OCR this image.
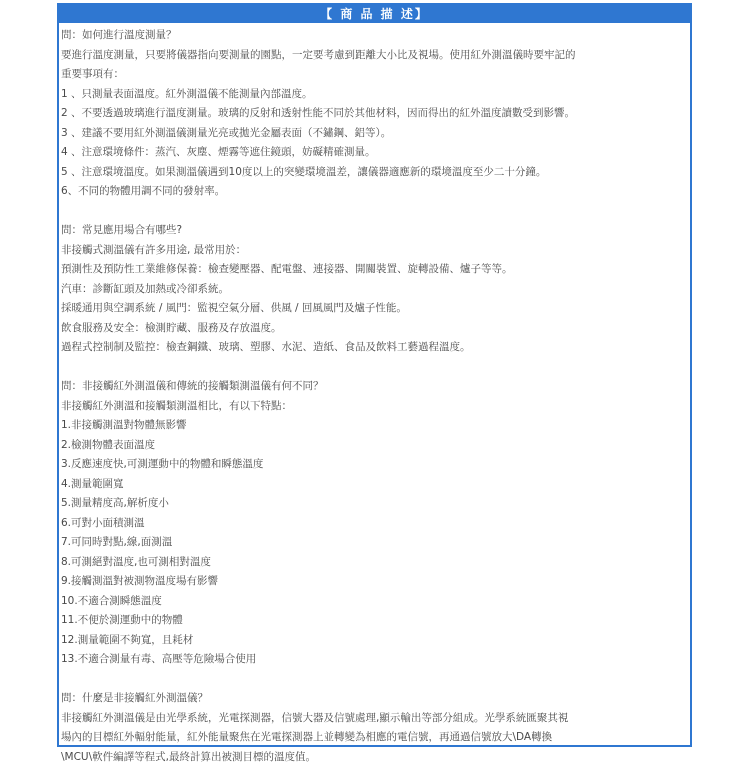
【 商 品 描 述】
問：如何進行溫度測量？
要進行溫度測量，只要將儀器指向要測量的園點，一定要考慮到距離大小比及視場。使用紅外測溫儀時要牢記的
重要事項有：
1 、只測量表面溫度。紅外測溫儀不能測量內部溫度。
2 、不要透過玻璃進行溫度測量。玻璃的反射和透射性能不同於其他材料，因而得出的紅外溫度讀數受到影響。
3 、建議不要用紅外測溫儀測量光亮或拋光金屬表面（不鏽鋼、鋁等）。
4 、注意環境條件：蒸汽、灰塵、煙霧等遮住鏡頭，妨礙精確測量。
5 、注意環境溫度。如果測溫儀遇到10度以上的突變環境溫差，讓儀器適應新的環境溫度至少二十分鐘。
6、不同的物體用調不同的發射率。
問：常見應用場合有哪些?
非接觸式測溫儀有許多用途, 最常用於：
預測性及預防性工業維修保養：檢查變壓器、配電盤、連接器、開關裝置、旋轉設備、爐子等等。
汽車：診斷缸頭及加熱或冷卻系統。
採暖通用與空調系統 / 風門：監視空氣分層、供風 / 回風風門及爐子性能。
飲食服務及安全：檢測貯藏、服務及存放溫度。
過程式控制制及監控：檢查鋼鐵、玻璃、塑膠、水泥、造紙、食品及飲料工藝過程溫度。
問：非接觸紅外測溫儀和傳統的接觸類測溫儀有何不同？
非接觸紅外測溫和接觸類測溫相比，有以下特點：
1.非接觸測溫對物體無影響
2.檢測物體表面溫度
3.反應速度快,可測運動中的物體和瞬態溫度
4.測量範圍寬
5.測量精度高,解析度小
6.可對小面積測溫
7.可同時對點,線,面測溫
8.可測絕對溫度,也可測相對溫度
9.接觸測溫對被測物溫度場有影響
10.不適合測瞬態溫度
11.不便於測運動中的物體
12.測量範圍不夠寬，且耗材
13.不適合測量有毒、高壓等危險場合使用
問：什麼是非接觸紅外測溫儀？
非接觸紅外測溫儀是由光學系統，光電探測器，信號大器及信號處理,顯示輸出等部分組成。光學系統匯聚其視
場內的目標紅外輻射能量，紅外能量聚焦在光電探測器上並轉變為相應的電信號，再通過信號放大\DA轉換
\MCU\軟件編譯等程式,最終計算出被測目標的溫度值。
